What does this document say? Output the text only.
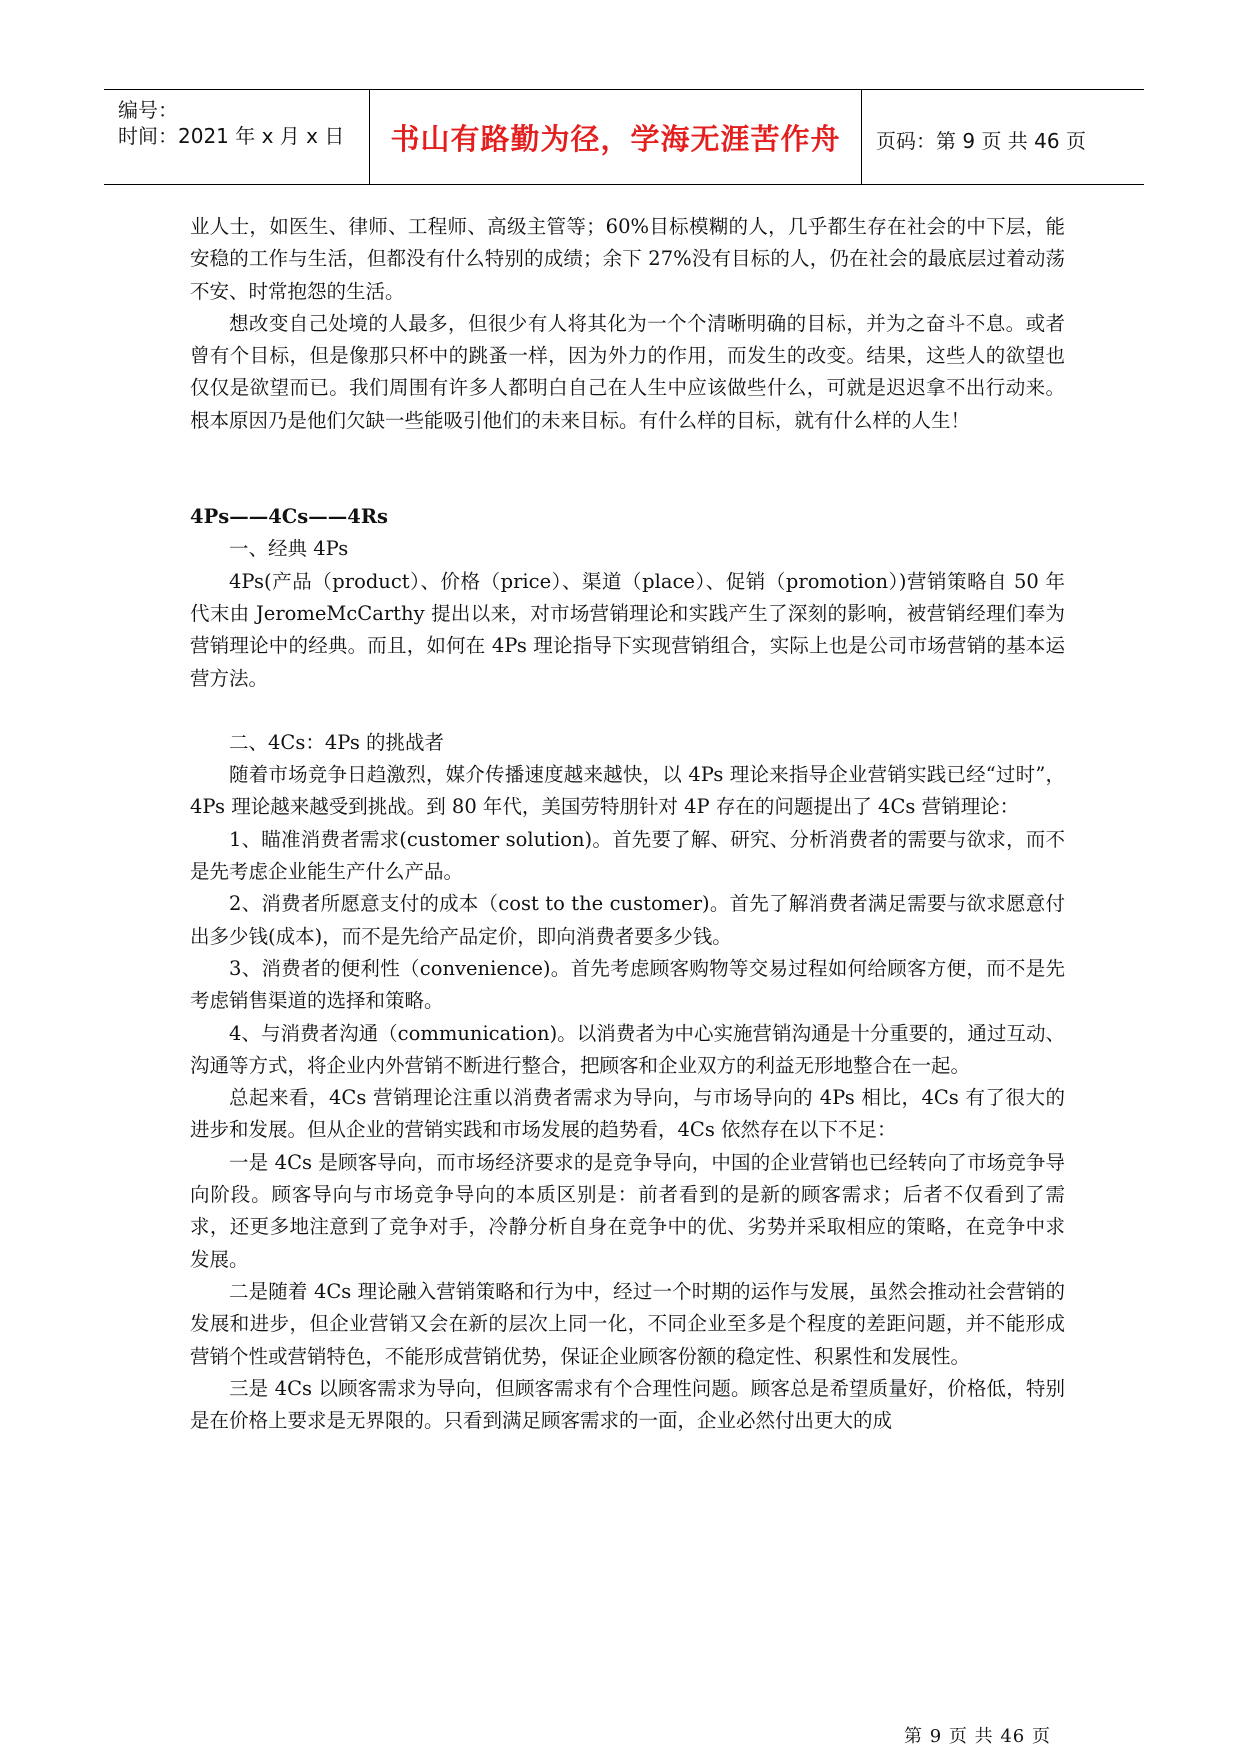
编号：
时间：2021 年 x 月 x 日	书山有路勤为径，学海无涯苦作舟	页码：第 9 页 共 46 页

业人士，如医生、律师、工程师、高级主管等；60%目标模糊的人，几乎都生存在社会的中下层，能安稳的工作与生活，但都没有什么特别的成绩；余下 27%没有目标的人，仍在社会的最底层过着动荡不安、时常抱怨的生活。

想改变自己处境的人最多，但很少有人将其化为一个个清晰明确的目标，并为之奋斗不息。或者曾有个目标，但是像那只杯中的跳蚤一样，因为外力的作用，而发生的改变。结果，这些人的欲望也仅仅是欲望而已。我们周围有许多人都明白自己在人生中应该做些什么，可就是迟迟拿不出行动来。根本原因乃是他们欠缺一些能吸引他们的未来目标。有什么样的目标，就有什么样的人生！

4Ps——4Cs——4Rs

一、经典 4Ps

4Ps(产品（product）、价格（price）、渠道（place）、促销（promotion）)营销策略自 50 年代末由 JeromeMcCarthy 提出以来，对市场营销理论和实践产生了深刻的影响，被营销经理们奉为营销理论中的经典。而且，如何在 4Ps 理论指导下实现营销组合，实际上也是公司市场营销的基本运营方法。

二、4Cs：4Ps 的挑战者

随着市场竞争日趋激烈，媒介传播速度越来越快，以 4Ps 理论来指导企业营销实践已经“过时”，4Ps 理论越来越受到挑战。到 80 年代，美国劳特朋针对 4P 存在的问题提出了 4Cs 营销理论：

1、瞄准消费者需求(customer solution)。首先要了解、研究、分析消费者的需要与欲求，而不是先考虑企业能生产什么产品。

2、消费者所愿意支付的成本（cost to the customer)。首先了解消费者满足需要与欲求愿意付出多少钱(成本)，而不是先给产品定价，即向消费者要多少钱。

3、消费者的便利性（convenience)。首先考虑顾客购物等交易过程如何给顾客方便，而不是先考虑销售渠道的选择和策略。

4、与消费者沟通（communication)。以消费者为中心实施营销沟通是十分重要的，通过互动、沟通等方式，将企业内外营销不断进行整合，把顾客和企业双方的利益无形地整合在一起。

总起来看，4Cs 营销理论注重以消费者需求为导向，与市场导向的 4Ps 相比，4Cs 有了很大的进步和发展。但从企业的营销实践和市场发展的趋势看，4Cs 依然存在以下不足：

一是 4Cs 是顾客导向，而市场经济要求的是竞争导向，中国的企业营销也已经转向了市场竞争导向阶段。顾客导向与市场竞争导向的本质区别是：前者看到的是新的顾客需求；后者不仅看到了需求，还更多地注意到了竞争对手，冷静分析自身在竞争中的优、劣势并采取相应的策略，在竞争中求发展。

二是随着 4Cs 理论融入营销策略和行为中，经过一个时期的运作与发展，虽然会推动社会营销的发展和进步，但企业营销又会在新的层次上同一化，不同企业至多是个程度的差距问题，并不能形成营销个性或营销特色，不能形成营销优势，保证企业顾客份额的稳定性、积累性和发展性。

三是 4Cs 以顾客需求为导向，但顾客需求有个合理性问题。顾客总是希望质量好，价格低，特别是在价格上要求是无界限的。只看到满足顾客需求的一面，企业必然付出更大的成

第 9 页 共 46 页
